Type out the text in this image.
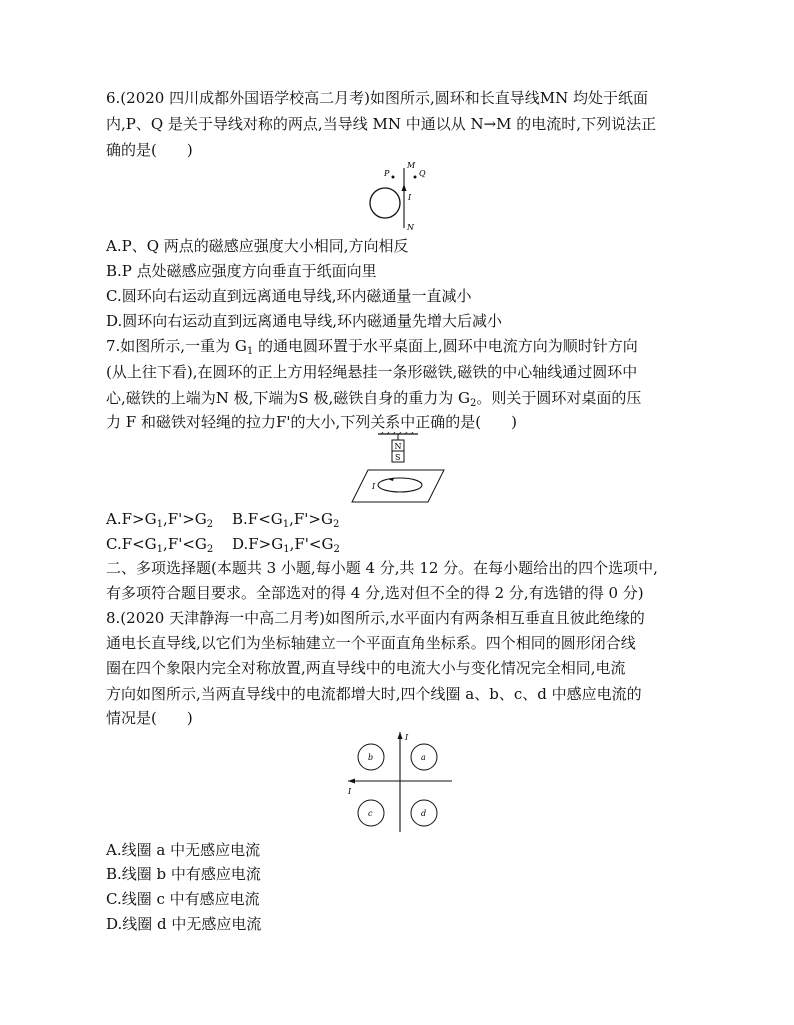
6.(2020 四川成都外国语学校高二月考)如图所示,圆环和长直导线MN 均处于纸面
内,P、Q 是关于导线对称的两点,当导线 MN 中通以从 N→M 的电流时,下列说法正
确的是(　　)
M
N
P	Q
I
A.P、Q 两点的磁感应强度大小相同,方向相反
B.P 点处磁感应强度方向垂直于纸面向里
C.圆环向右运动直到远离通电导线,环内磁通量一直减小
D.圆环向右运动直到远离通电导线,环内磁通量先增大后减小
7.如图所示,一重为 $G_1$ 的通电圆环置于水平桌面上,圆环中电流方向为顺时针方向
(从上往下看),在圆环的正上方用轻绳悬挂一条形磁铁,磁铁的中心轴线通过圆环中
心,磁铁的上端为N 极,下端为S 极,磁铁自身的重力为 $G_2$。则关于圆环对桌面的压
力 F 和磁铁对轻绳的拉力F'的大小,下列关系中正确的是(　　)
N
S
I
$A.F>G_1,F'>G_2$ $B.F<G_1,F'>G_2$
$C.F<G_1,F'<G_2$ $D.F>G_1,F'<G_2$
二、多项选择题(本题共 3 小题,每小题 4 分,共 12 分。在每小题给出的四个选项中,
有多项符合题目要求。全部选对的得 4 分,选对但不全的得 2 分,有选错的得 0 分)
8.(2020 天津静海一中高二月考)如图所示,水平面内有两条相互垂直且彼此绝缘的
通电长直导线,以它们为坐标轴建立一个平面直角坐标系。四个相同的圆形闭合线
圈在四个象限内完全对称放置,两直导线中的电流大小与变化情况完全相同,电流
方向如图所示,当两直导线中的电流都增大时,四个线圈 a、b、c、d 中感应电流的
情况是(　　)
I
I
b	a
c	d
A.线圈 a 中无感应电流
B.线圈 b 中有感应电流
C.线圈 c 中有感应电流
D.线圈 d 中无感应电流
